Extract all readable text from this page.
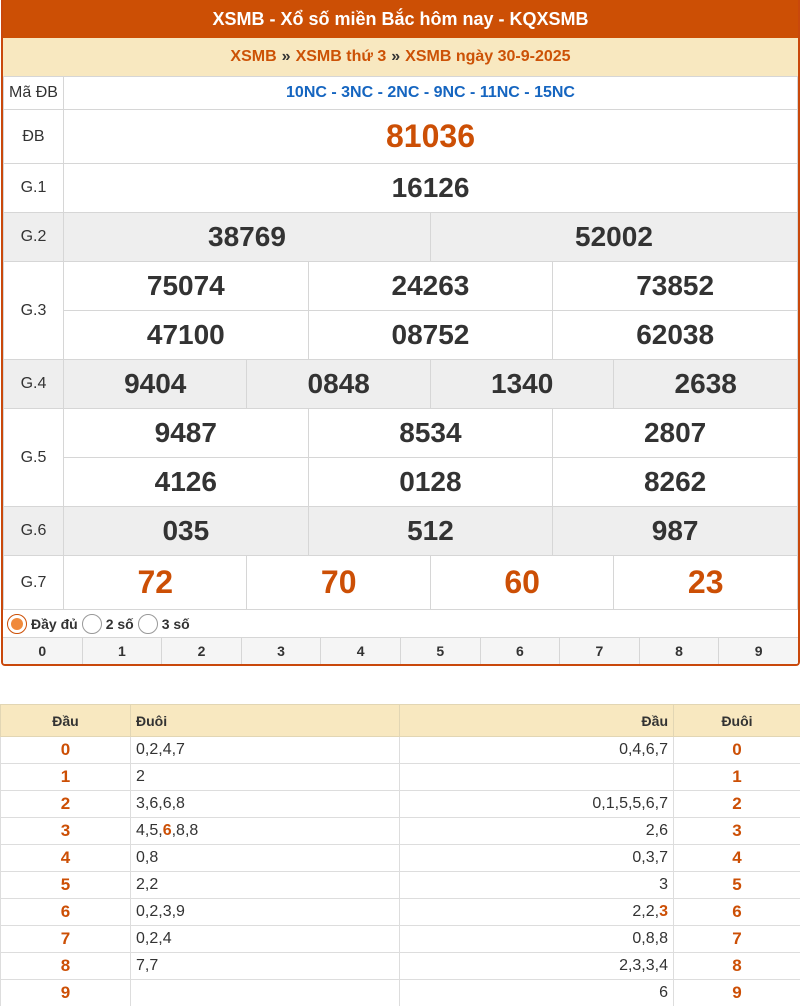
XSMB - Xổ số miền Bắc hôm nay - KQXSMB
XSMB » XSMB thứ 3 » XSMB ngày 30-9-2025
Mã ĐB	10NC - 3NC - 2NC - 9NC - 11NC - 15NC					
ĐB	81036					
G.1	16126					
G.2	38769			52002		
G.3	75074		24263		73852	
	47100		08752		62038	
G.4	9404	0848		1340		2638
G.5	9487		8534		2807	
	4126		0128		8262	
G.6	035		512		987	
G.7	72	70		60		23
Đầy đủ 2 số 3 số
0	1	2	3	4	5	6	7	8	9
Đầu	Đuôi	Đầu	Đuôi
0	0,2,4,7	0,4,6,7	0
1	2		1
2	3,6,6,8	0,1,5,5,6,7	2
3	4,5,6,8,8	2,6	3
4	0,8	0,3,7	4
5	2,2	3	5
6	0,2,3,9	2,2,3	6
7	0,2,4	0,8,8	7
8	7,7	2,3,3,4	8
9		6	9
